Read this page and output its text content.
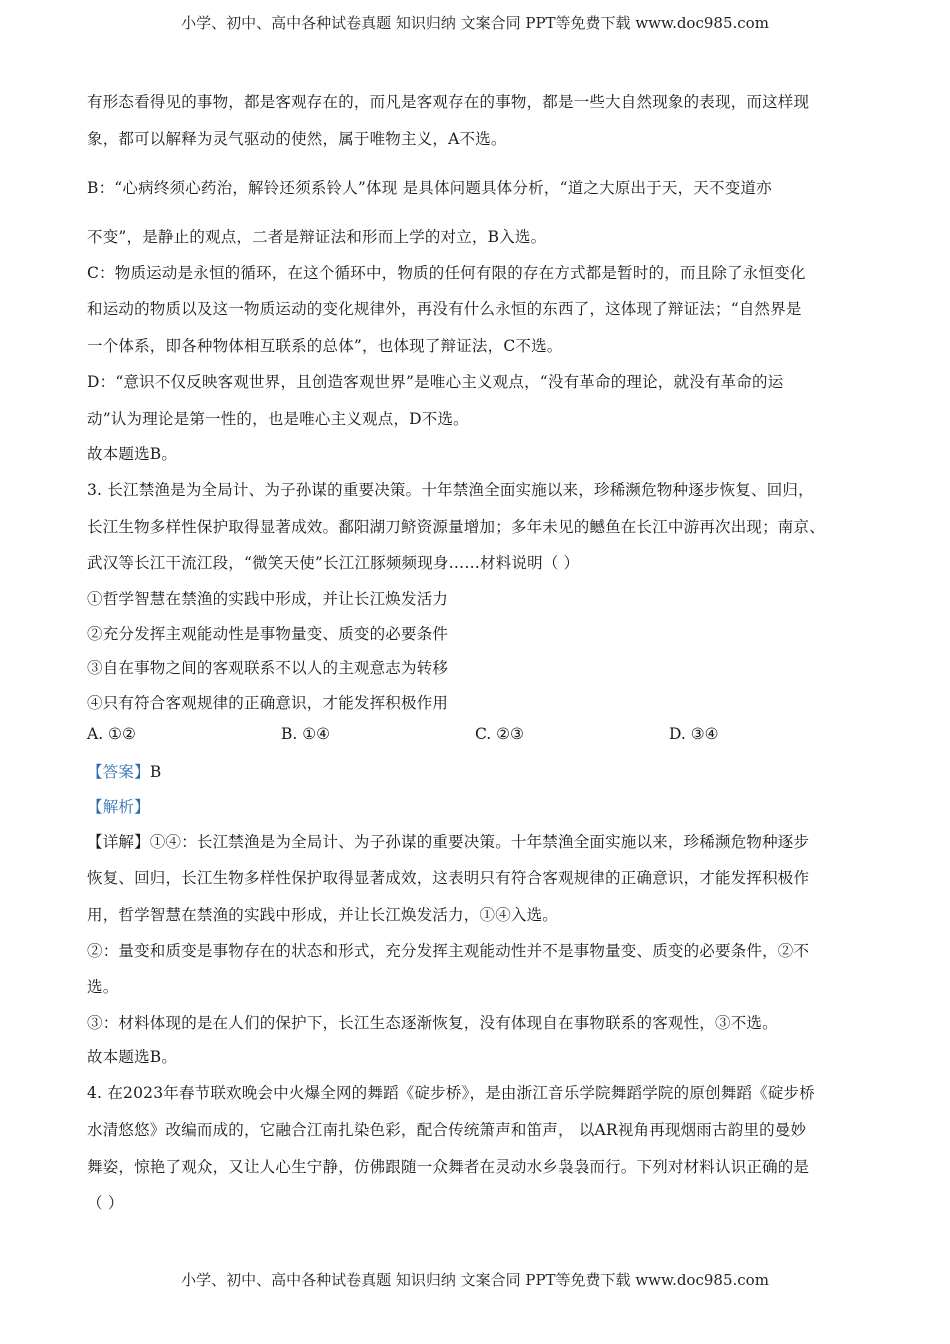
小学、初中、高中各种试卷真题 知识归纳 文案合同 PPT等免费下载 www.doc985.com
有形态看得见的事物，都是客观存在的，而凡是客观存在的事物，都是一些大自然现象的表现，而这样现
象，都可以解释为灵气驱动的使然，属于唯物主义，A不选。
B：“心病终须心药治，解铃还须系铃人”体现 是具体问题具体分析，“道之大原出于天，天不变道亦
不变”，是静止的观点，二者是辩证法和形而上学的对立，B入选。
C：物质运动是永恒的循环，在这个循环中，物质的任何有限的存在方式都是暂时的，而且除了永恒变化
和运动的物质以及这一物质运动的变化规律外，再没有什么永恒的东西了，这体现了辩证法；“自然界是
一个体系，即各种物体相互联系的总体”，也体现了辩证法，C不选。
D：“意识不仅反映客观世界，且创造客观世界”是唯心主义观点，“没有革命的理论，就没有革命的运
动”认为理论是第一性的，也是唯心主义观点，D不选。
故本题选B。
3. 长江禁渔是为全局计、为子孙谋的重要决策。十年禁渔全面实施以来，珍稀濒危物种逐步恢复、回归，
长江生物多样性保护取得显著成效。鄱阳湖刀鲚资源量增加；多年未见的鳡鱼在长江中游再次出现；南京、
武汉等长江干流江段，“微笑天使”长江江豚频频现身……材料说明（ ）
①哲学智慧在禁渔的实践中形成，并让长江焕发活力
②充分发挥主观能动性是事物量变、质变的必要条件
③自在事物之间的客观联系不以人的主观意志为转移
④只有符合客观规律的正确意识，才能发挥积极作用
A. ①②	B. ①④	C. ②③	D. ③④
【答案】B
【解析】
【详解】①④：长江禁渔是为全局计、为子孙谋的重要决策。十年禁渔全面实施以来，珍稀濒危物种逐步
恢复、回归，长江生物多样性保护取得显著成效，这表明只有符合客观规律的正确意识，才能发挥积极作
用，哲学智慧在禁渔的实践中形成，并让长江焕发活力，①④入选。
②：量变和质变是事物存在的状态和形式，充分发挥主观能动性并不是事物量变、质变的必要条件，②不
选。
③：材料体现的是在人们的保护下，长江生态逐渐恢复，没有体现自在事物联系的客观性，③不选。
故本题选B。
4. 在2023年春节联欢晚会中火爆全网的舞蹈《碇步桥》，是由浙江音乐学院舞蹈学院的原创舞蹈《碇步桥
水清悠悠》改编而成的，它融合江南扎染色彩，配合传统箫声和笛声， 以AR视角再现烟雨古韵里的曼妙
舞姿，惊艳了观众，又让人心生宁静，仿佛跟随一众舞者在灵动水乡袅袅而行。下列对材料认识正确的是
（ ）
小学、初中、高中各种试卷真题 知识归纳 文案合同 PPT等免费下载 www.doc985.com
